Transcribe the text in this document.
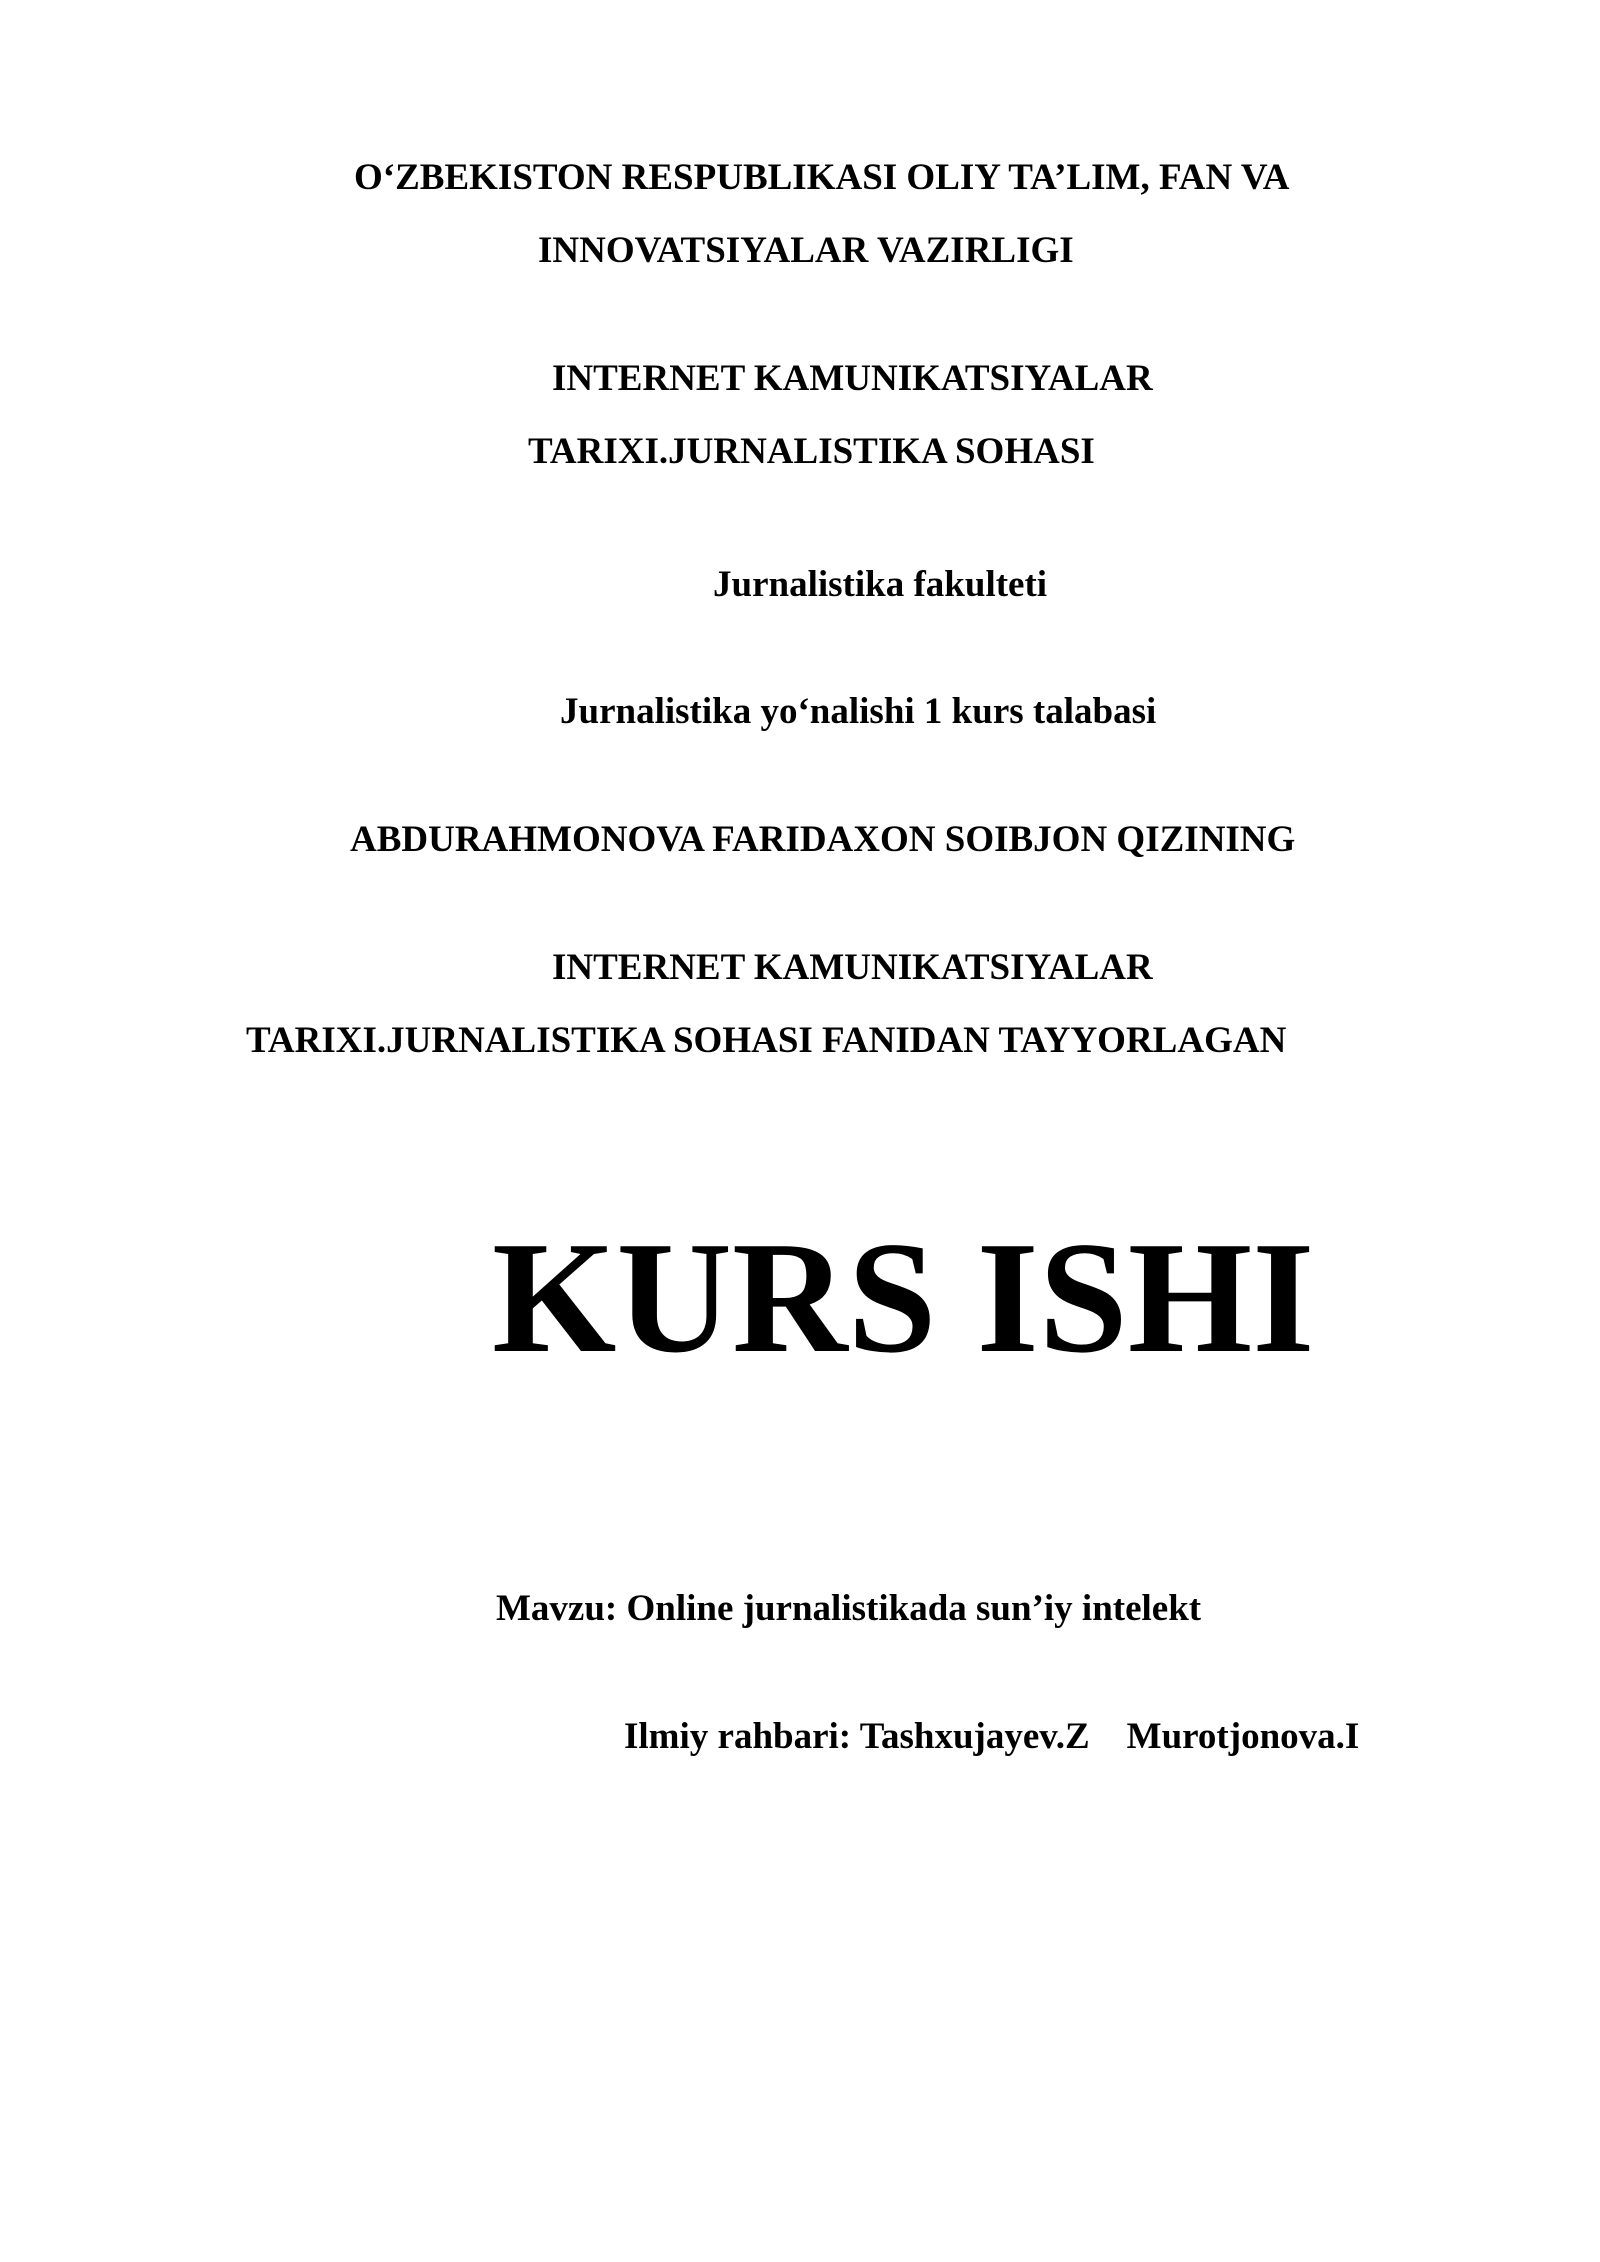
O‘ZBEKISTON RESPUBLIKASI OLIY TA’LIM, FAN VA

INNOVATSIYALAR VAZIRLIGI

INTERNET KAMUNIKATSIYALAR

TARIXI.JURNALISTIKA SOHASI

Jurnalistika fakulteti

Jurnalistika yo‘nalishi 1 kurs talabasi

ABDURAHMONOVA FARIDAXON SOIBJON QIZINING

INTERNET KAMUNIKATSIYALAR

TARIXI.JURNALISTIKA SOHASI FANIDAN TAYYORLAGAN

KURS ISHI

Mavzu: Online jurnalistikada sun’iy intelekt

Ilmiy rahbari: Tashxujayev.Z    Murotjonova.I
